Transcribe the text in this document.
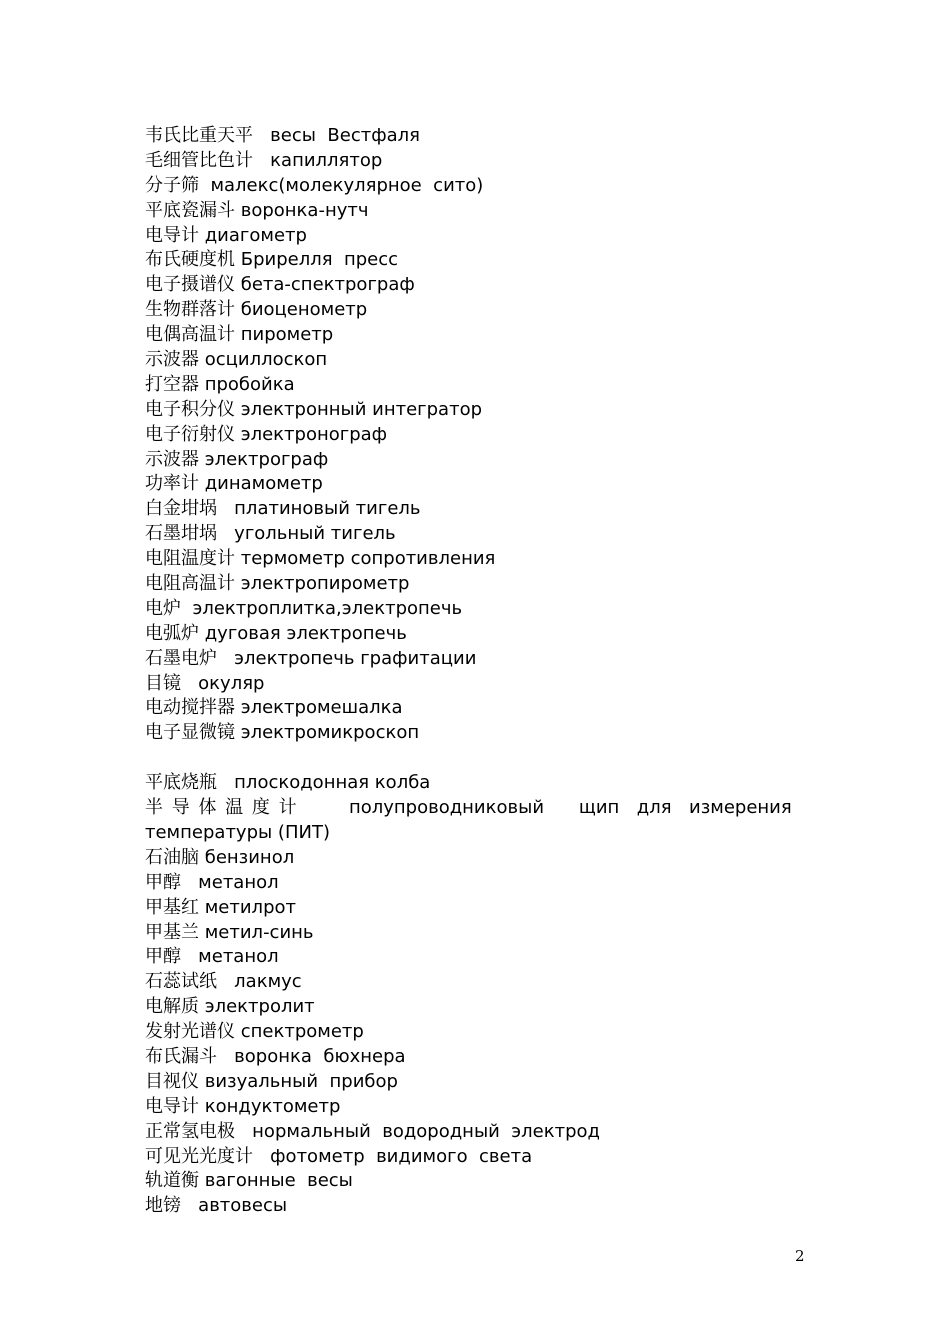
韦氏比重天平   весы  Вестфаля
毛细管比色计   капиллятор
分子筛  малекс(молекулярное  сито)
平底瓷漏斗 воронка-нутч
电导计 диагометр
布氏硬度机 Брирелля  пресс
电子摄谱仪 бета-спектрограф
生物群落计 биоценометр
电偶高温计 пирометр
示波器 осциллоскоп
打空器 пробойка
电子积分仪 электронный интегратор
电子衍射仪 электронограф
示波器 электрограф
功率计 динамометр
白金坩埚   платиновый тигель
石墨坩埚   угольный тигель
电阻温度计 термометр сопротивления
电阻高温计 электропирометр
电炉  электроплитка,электропечь
电弧炉 дуговая электропечь
石墨电炉   электропечь графитации
目镜   окуляр
电动搅拌器 электромешалка
电子显微镜 электромикроскоп
平底烧瓶   плоскодонная колба
半 导 体 温 度 计      полупроводниковый    щип  для  измерения
температуры (ПИТ)
石油脑 бензинол
甲醇   метанол
甲基红 метилрот
甲基兰 метил-синь
甲醇   метанол
石蕊试纸   лакмус
电解质 электролит
发射光谱仪 спектрометр
布氏漏斗   воронка  бюхнера
目视仪 визуальный  прибор
电导计 кондуктометр
正常氢电极   нормальный  водородный  электрод
可见光光度计   фотометр  видимого  света
轨道衡 вагонные  весы
地镑   автовесы
2
